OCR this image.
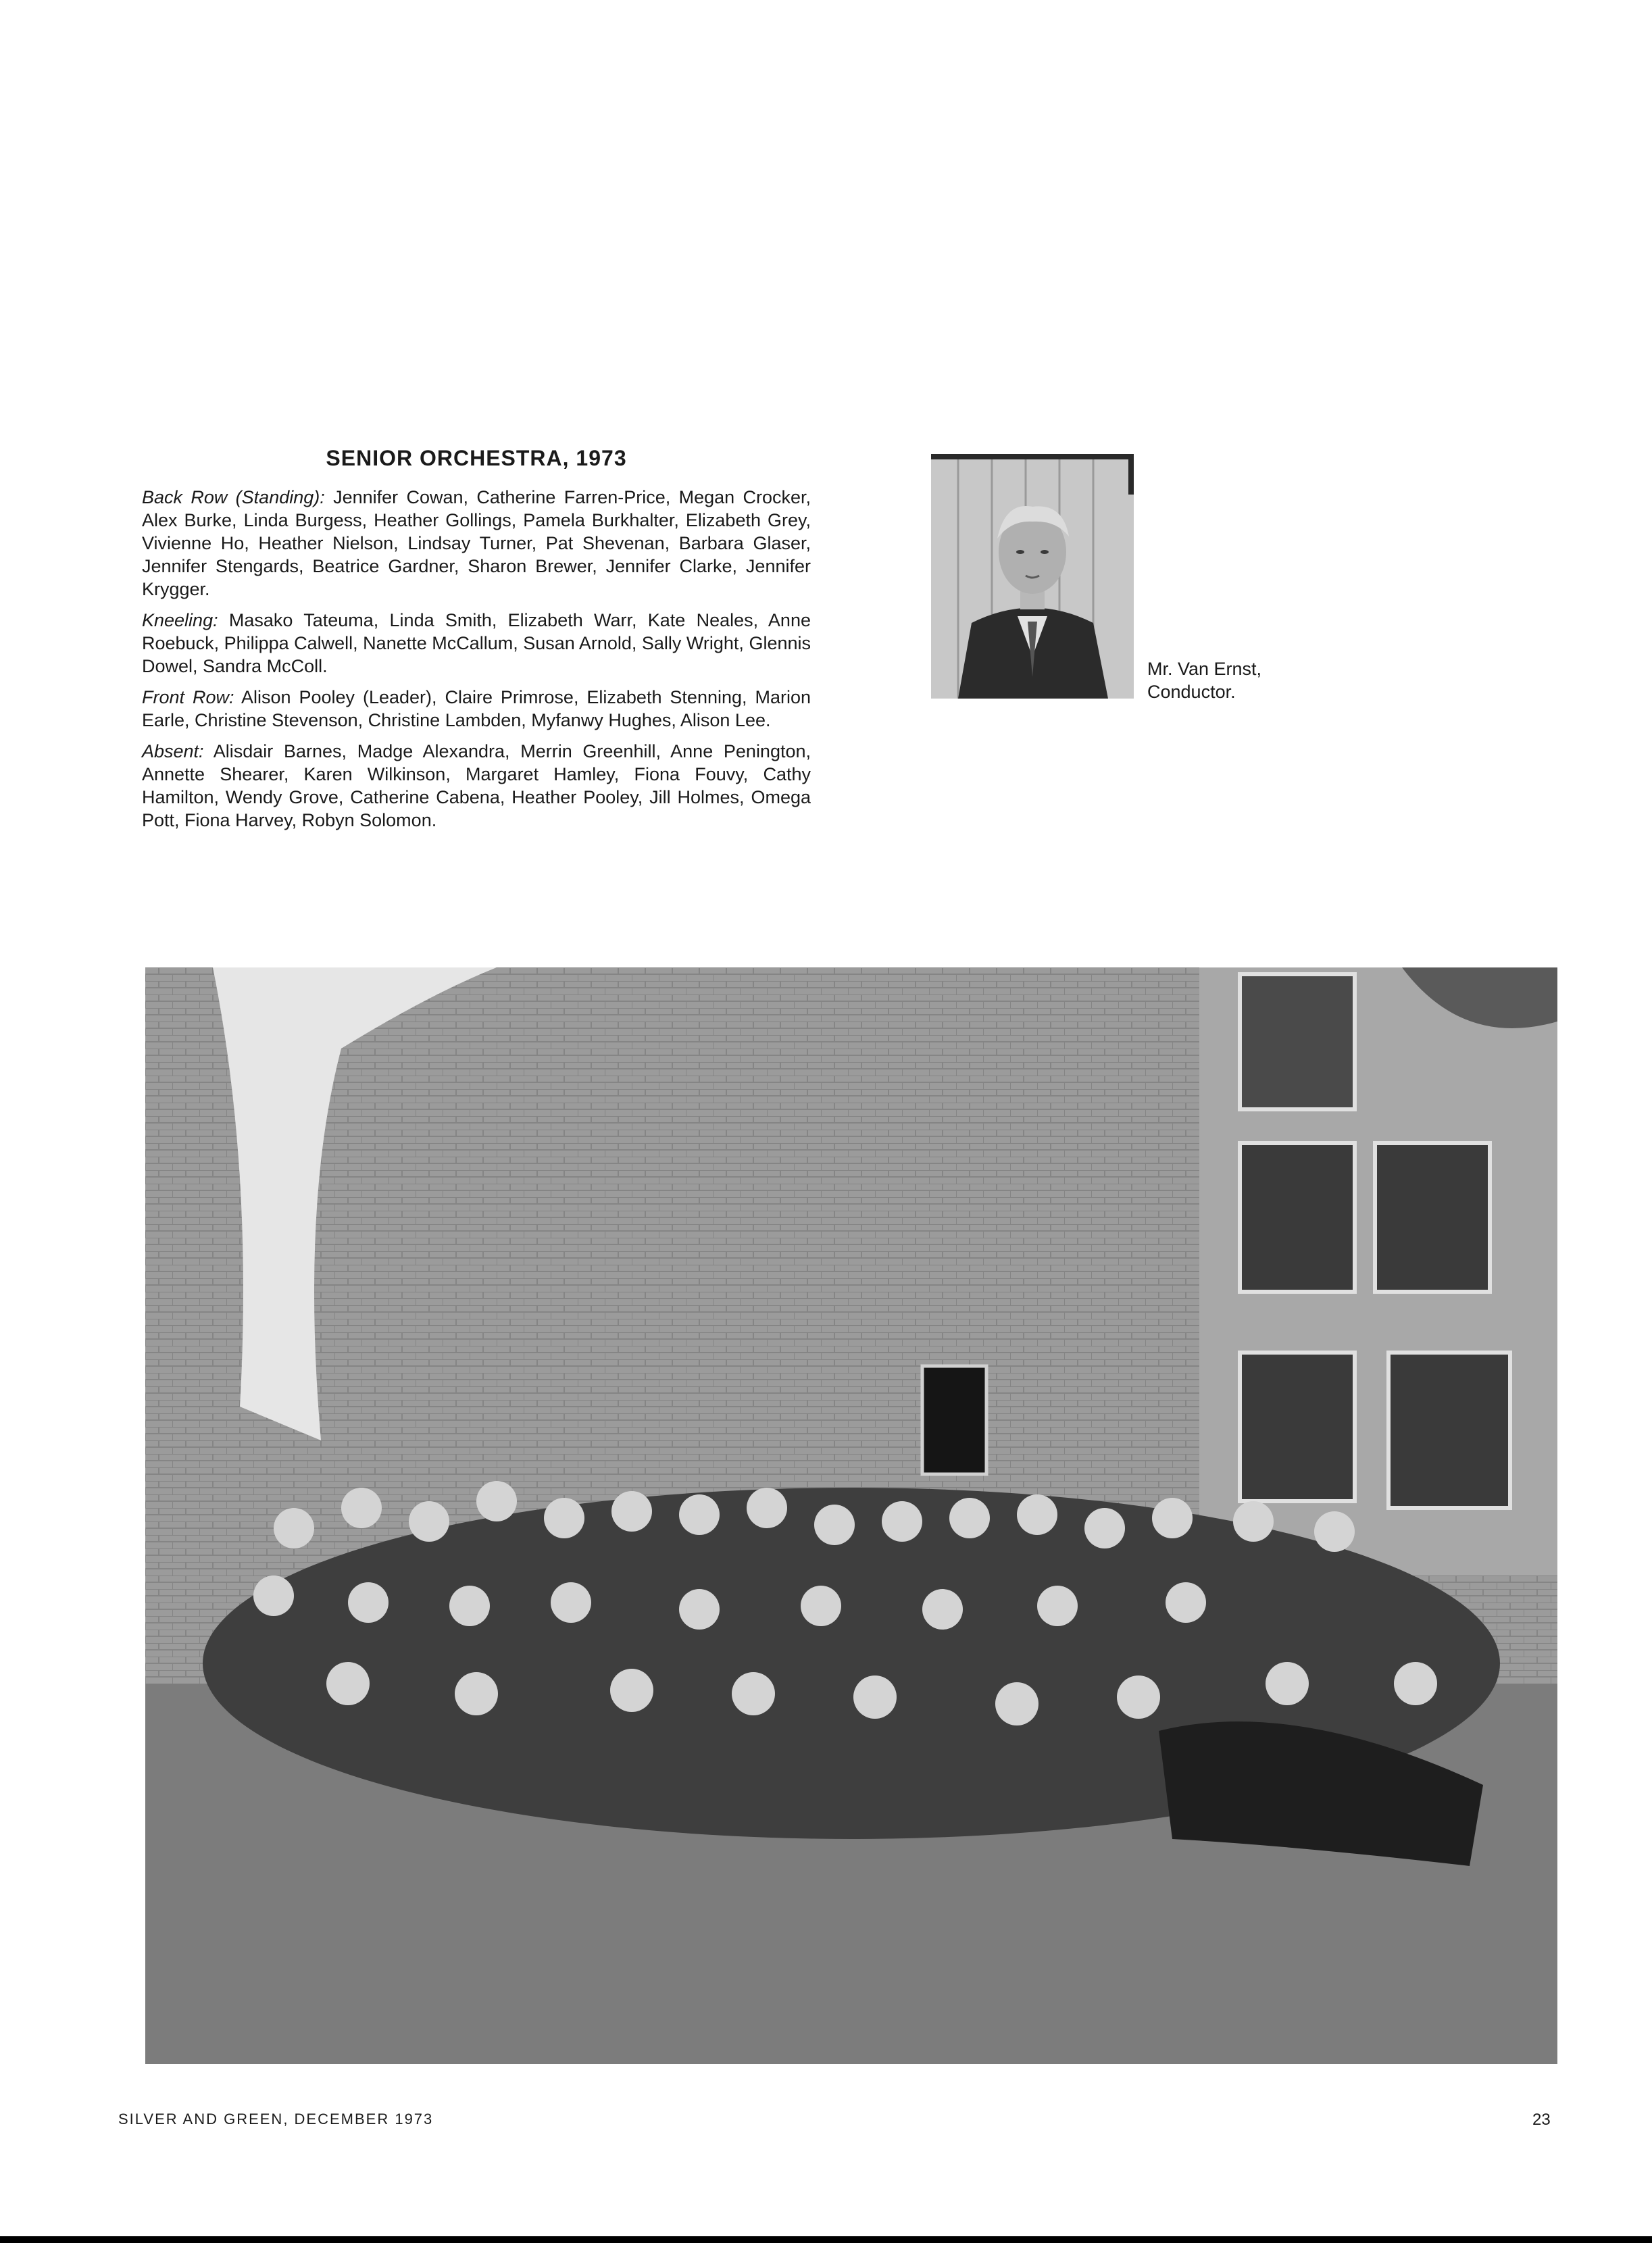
SENIOR ORCHESTRA, 1973

Back Row (Standing): Jennifer Cowan, Catherine Farren-Price, Megan Crocker, Alex Burke, Linda Burgess, Heather Gollings, Pamela Burkhalter, Elizabeth Grey, Vivienne Ho, Heather Nielson, Lindsay Turner, Pat Shevenan, Barbara Glaser, Jennifer Stengards, Beatrice Gardner, Sharon Brewer, Jennifer Clarke, Jennifer Krygger.

Kneeling: Masako Tateuma, Linda Smith, Elizabeth Warr, Kate Neales, Anne Roebuck, Philippa Calwell, Nanette McCallum, Susan Arnold, Sally Wright, Glennis Dowel, Sandra McColl.

Front Row: Alison Pooley (Leader), Claire Primrose, Elizabeth Stenning, Marion Earle, Christine Stevenson, Christine Lambden, Myfanwy Hughes, Alison Lee.

Absent: Alisdair Barnes, Madge Alexandra, Merrin Greenhill, Anne Penington, Annette Shearer, Karen Wilkinson, Margaret Hamley, Fiona Fouvy, Cathy Hamilton, Wendy Grove, Catherine Cabena, Heather Pooley, Jill Holmes, Omega Pott, Fiona Harvey, Robyn Solomon.

Mr. Van Ernst,
Conductor.
SILVER AND GREEN, DECEMBER 1973	23
